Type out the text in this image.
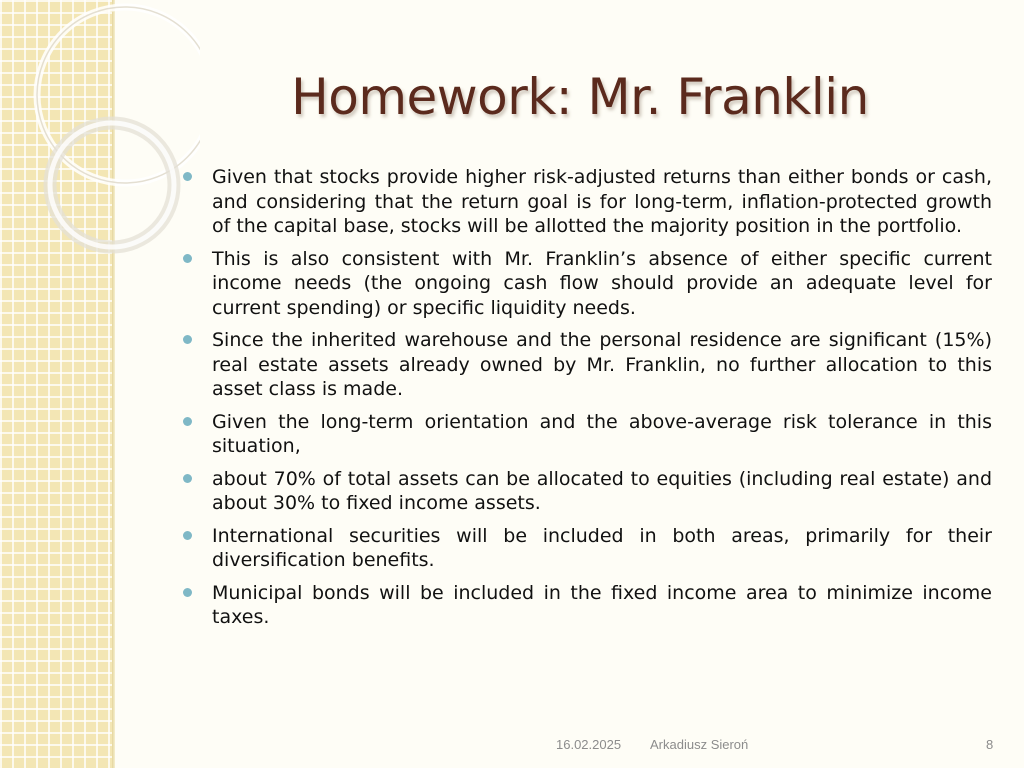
Homework: Mr. Franklin
Given that stocks provide higher risk-adjusted returns than either bonds or cash, and considering that the return goal is for long-term, inflation-protected growth of the capital base, stocks will be allotted the majority position in the portfolio.
This is also consistent with Mr. Franklin’s absence of either specific current income needs (the ongoing cash flow should provide an adequate level for current spending) or specific liquidity needs.
Since the inherited warehouse and the personal residence are significant (15%) real estate assets already owned by Mr. Franklin, no further allocation to this asset class is made.
Given the long-term orientation and the above-average risk tolerance in this situation,
about 70% of total assets can be allocated to equities (including real estate) and about 30% to fixed income assets.
International securities will be included in both areas, primarily for their diversification benefits.
Municipal bonds will be included in the fixed income area to minimize income taxes.
16.02.2025 Arkadiusz Sieroń	8
